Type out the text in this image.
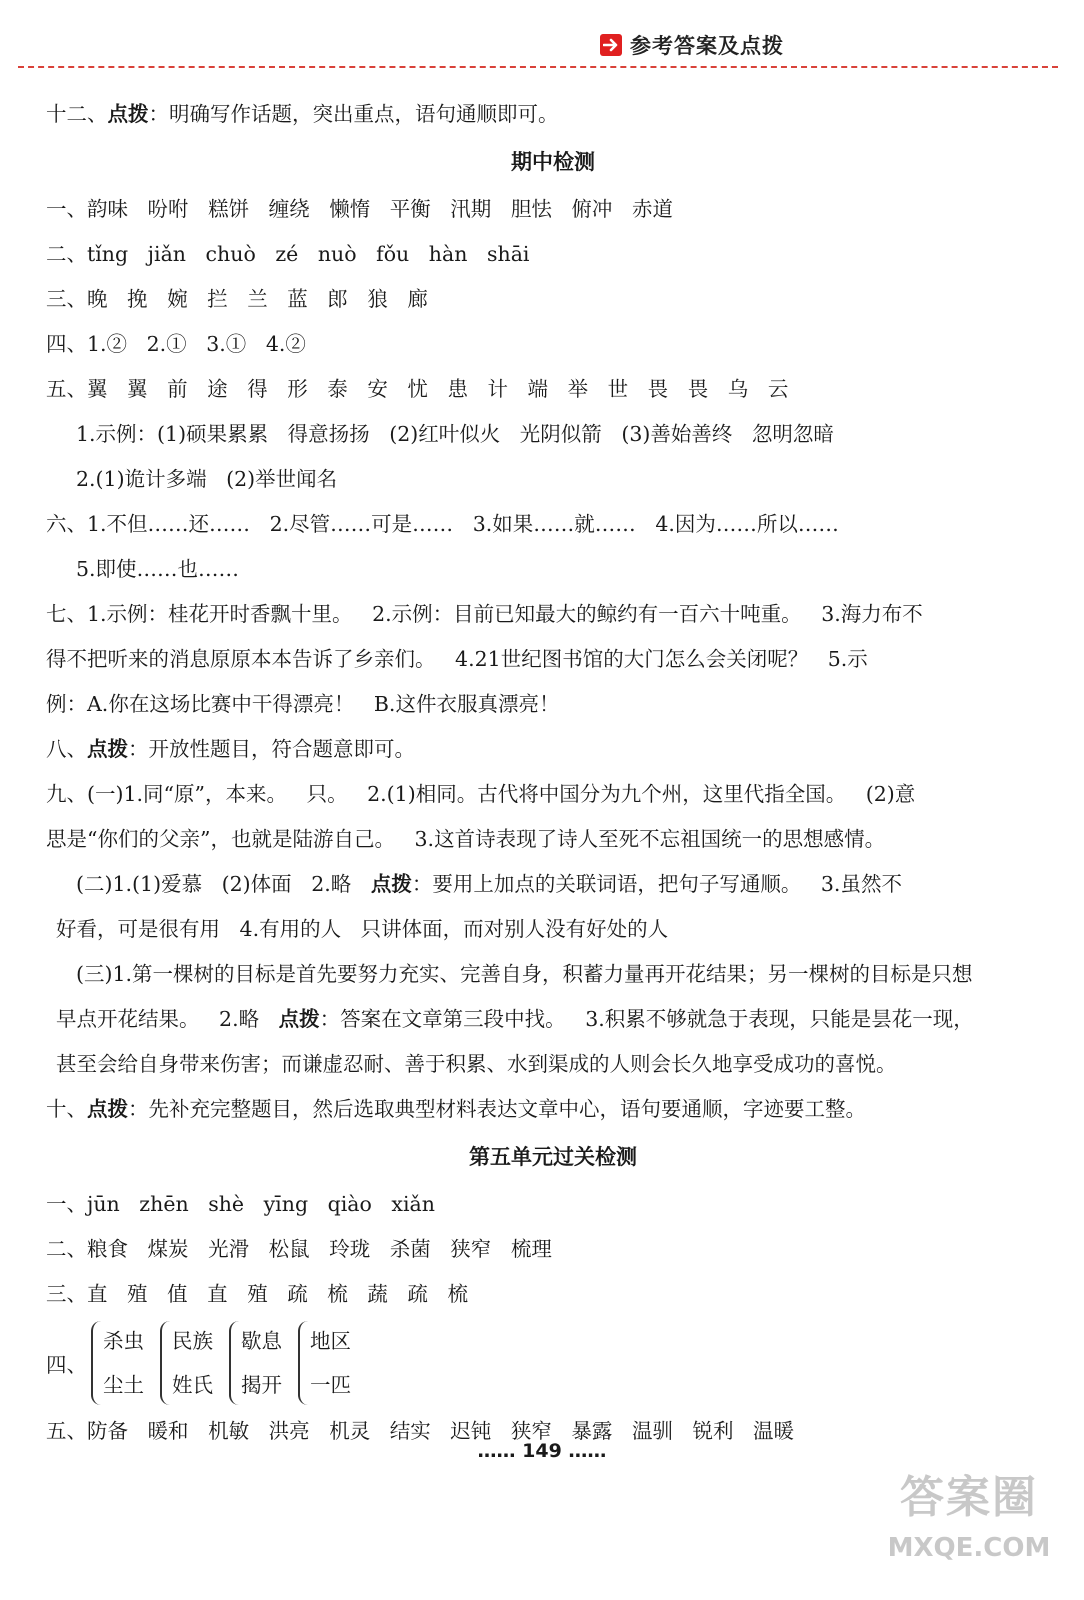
参考答案及点拨
十二、点拨：明确写作话题，突出重点，语句通顺即可。
期中检测
一、韵味   吩咐   糕饼   缠绕   懒惰   平衡   汛期   胆怯   俯冲   赤道
二、tǐng   jiǎn   chuò   zé   nuò   fǒu   hàn   shāi
三、晚   挽   婉   拦   兰   蓝   郎   狼   廊
四、1.②   2.①   3.①   4.②
五、翼   翼   前   途   得   形   泰   安   忧   患   计   端   举   世   畏   畏   乌   云
1.示例：(1)硕果累累   得意扬扬   (2)红叶似火   光阴似箭   (3)善始善终   忽明忽暗
2.(1)诡计多端   (2)举世闻名
六、1.不但……还……   2.尽管……可是……   3.如果……就……   4.因为……所以……
5.即使……也……
七、1.示例：桂花开时香飘十里。   2.示例：目前已知最大的鲸约有一百六十吨重。   3.海力布不
得不把听来的消息原原本本告诉了乡亲们。   4.21世纪图书馆的大门怎么会关闭呢？   5.示
例：A.你在这场比赛中干得漂亮！   B.这件衣服真漂亮！
八、点拨：开放性题目，符合题意即可。
九、(一)1.同“原”，本来。   只。   2.(1)相同。古代将中国分为九个州，这里代指全国。   (2)意
思是“你们的父亲”，也就是陆游自己。   3.这首诗表现了诗人至死不忘祖国统一的思想感情。
(二)1.(1)爱慕   (2)体面   2.略   点拨：要用上加点的关联词语，把句子写通顺。   3.虽然不
好看，可是很有用   4.有用的人   只讲体面，而对别人没有好处的人
(三)1.第一棵树的目标是首先要努力充实、完善自身，积蓄力量再开花结果；另一棵树的目标是只想
早点开花结果。   2.略   点拨：答案在文章第三段中找。   3.积累不够就急于表现，只能是昙花一现，
甚至会给自身带来伤害；而谦虚忍耐、善于积累、水到渠成的人则会长久地享受成功的喜悦。
十、点拨：先补充完整题目，然后选取典型材料表达文章中心，语句要通顺，字迹要工整。
第五单元过关检测
一、jūn   zhēn   shè   yīng   qiào   xiǎn
二、粮食   煤炭   光滑   松鼠   玲珑   杀菌   狭窄   梳理
三、直   殖   值   直   殖   疏   梳   蔬   疏   梳
四、
杀虫
尘土
民族
姓氏
歇息
揭开
地区
一匹
五、防备   暖和   机敏   洪亮   机灵   结实   迟钝   狭窄   暴露   温驯   锐利   温暖
…… 149 ……
答案圈
MXQE.COM
